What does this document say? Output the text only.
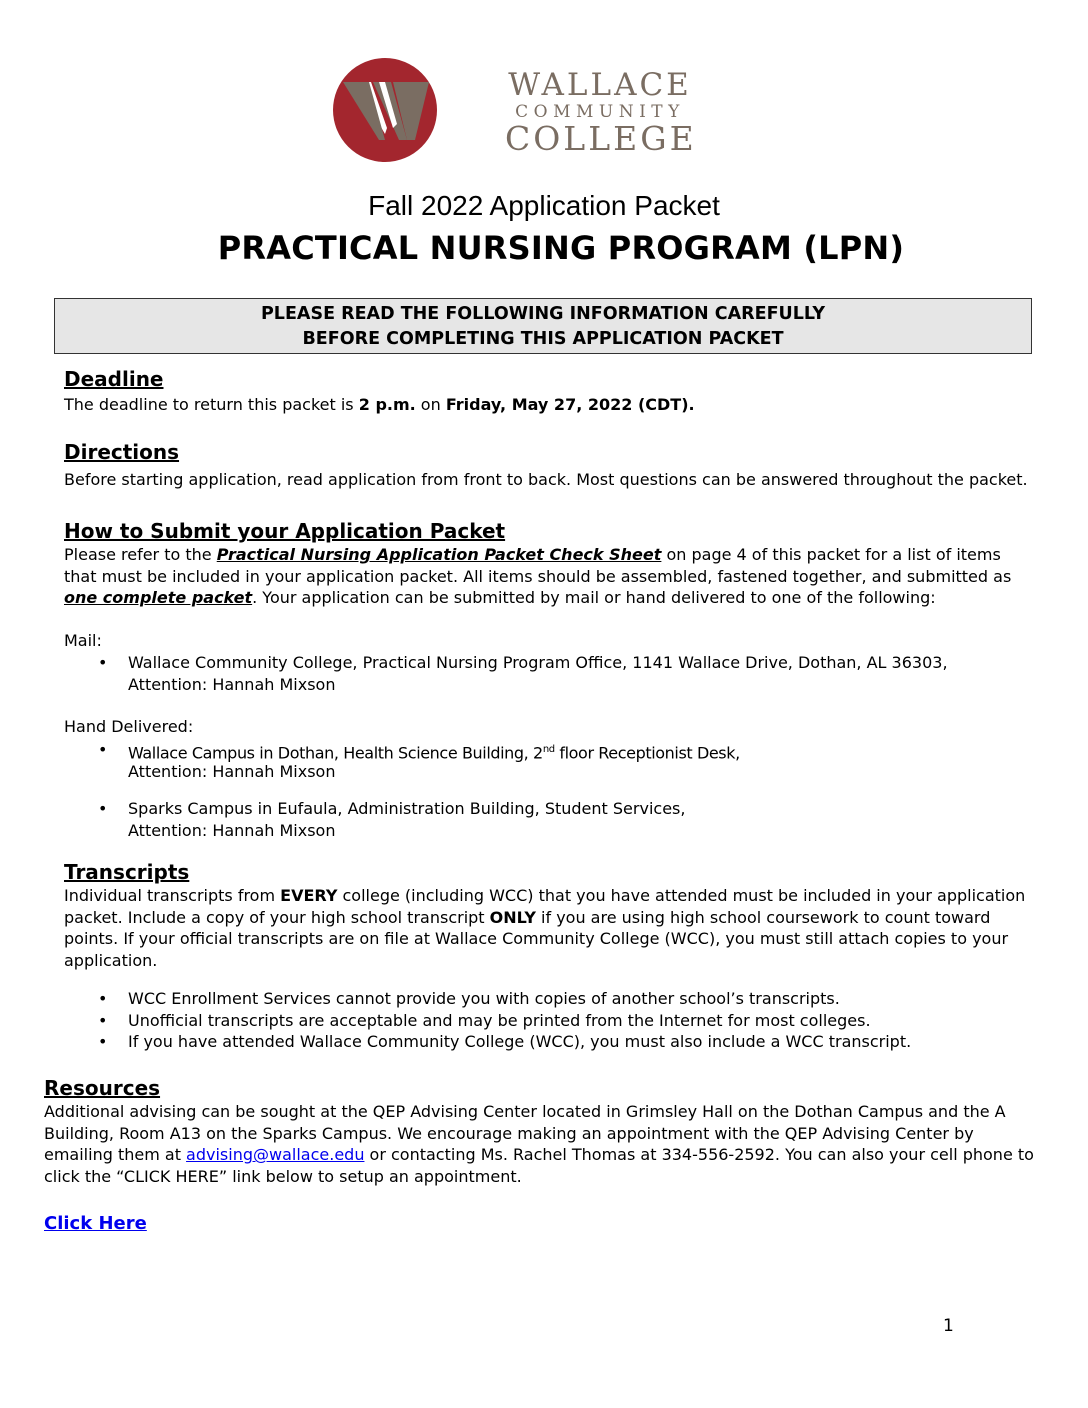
WALLACE
COMMUNITY
COLLEGE
Fall 2022 Application Packet
PRACTICAL NURSING PROGRAM (LPN)
PLEASE READ THE FOLLOWING INFORMATION CAREFULLY
BEFORE COMPLETING THIS APPLICATION PACKET
Deadline
The deadline to return this packet is 2 p.m. on Friday, May 27, 2022 (CDT).
Directions
Before starting application, read application from front to back. Most questions can be answered throughout the packet.
How to Submit your Application Packet
Please refer to the Practical Nursing Application Packet Check Sheet on page 4 of this packet for a list of items
that must be included in your application packet. All items should be assembled, fastened together, and submitted as
one complete packet. Your application can be submitted by mail or hand delivered to one of the following:
Mail:
• Wallace Community College, Practical Nursing Program Office, 1141 Wallace Drive, Dothan, AL 36303,
Attention: Hannah Mixson
Hand Delivered:
• Wallace Campus in Dothan, Health Science Building, 2nd floor Receptionist Desk,
Attention: Hannah Mixson
• Sparks Campus in Eufaula, Administration Building, Student Services,
Attention: Hannah Mixson
Transcripts
Individual transcripts from EVERY college (including WCC) that you have attended must be included in your application
packet. Include a copy of your high school transcript ONLY if you are using high school coursework to count toward
points. If your official transcripts are on file at Wallace Community College (WCC), you must still attach copies to your
application.
• WCC Enrollment Services cannot provide you with copies of another school’s transcripts.
• Unofficial transcripts are acceptable and may be printed from the Internet for most colleges.
• If you have attended Wallace Community College (WCC), you must also include a WCC transcript.
Resources
Additional advising can be sought at the QEP Advising Center located in Grimsley Hall on the Dothan Campus and the A
Building, Room A13 on the Sparks Campus. We encourage making an appointment with the QEP Advising Center by
emailing them at advising@wallace.edu or contacting Ms. Rachel Thomas at 334-556-2592. You can also your cell phone to
click the “CLICK HERE” link below to setup an appointment.
Click Here
1
